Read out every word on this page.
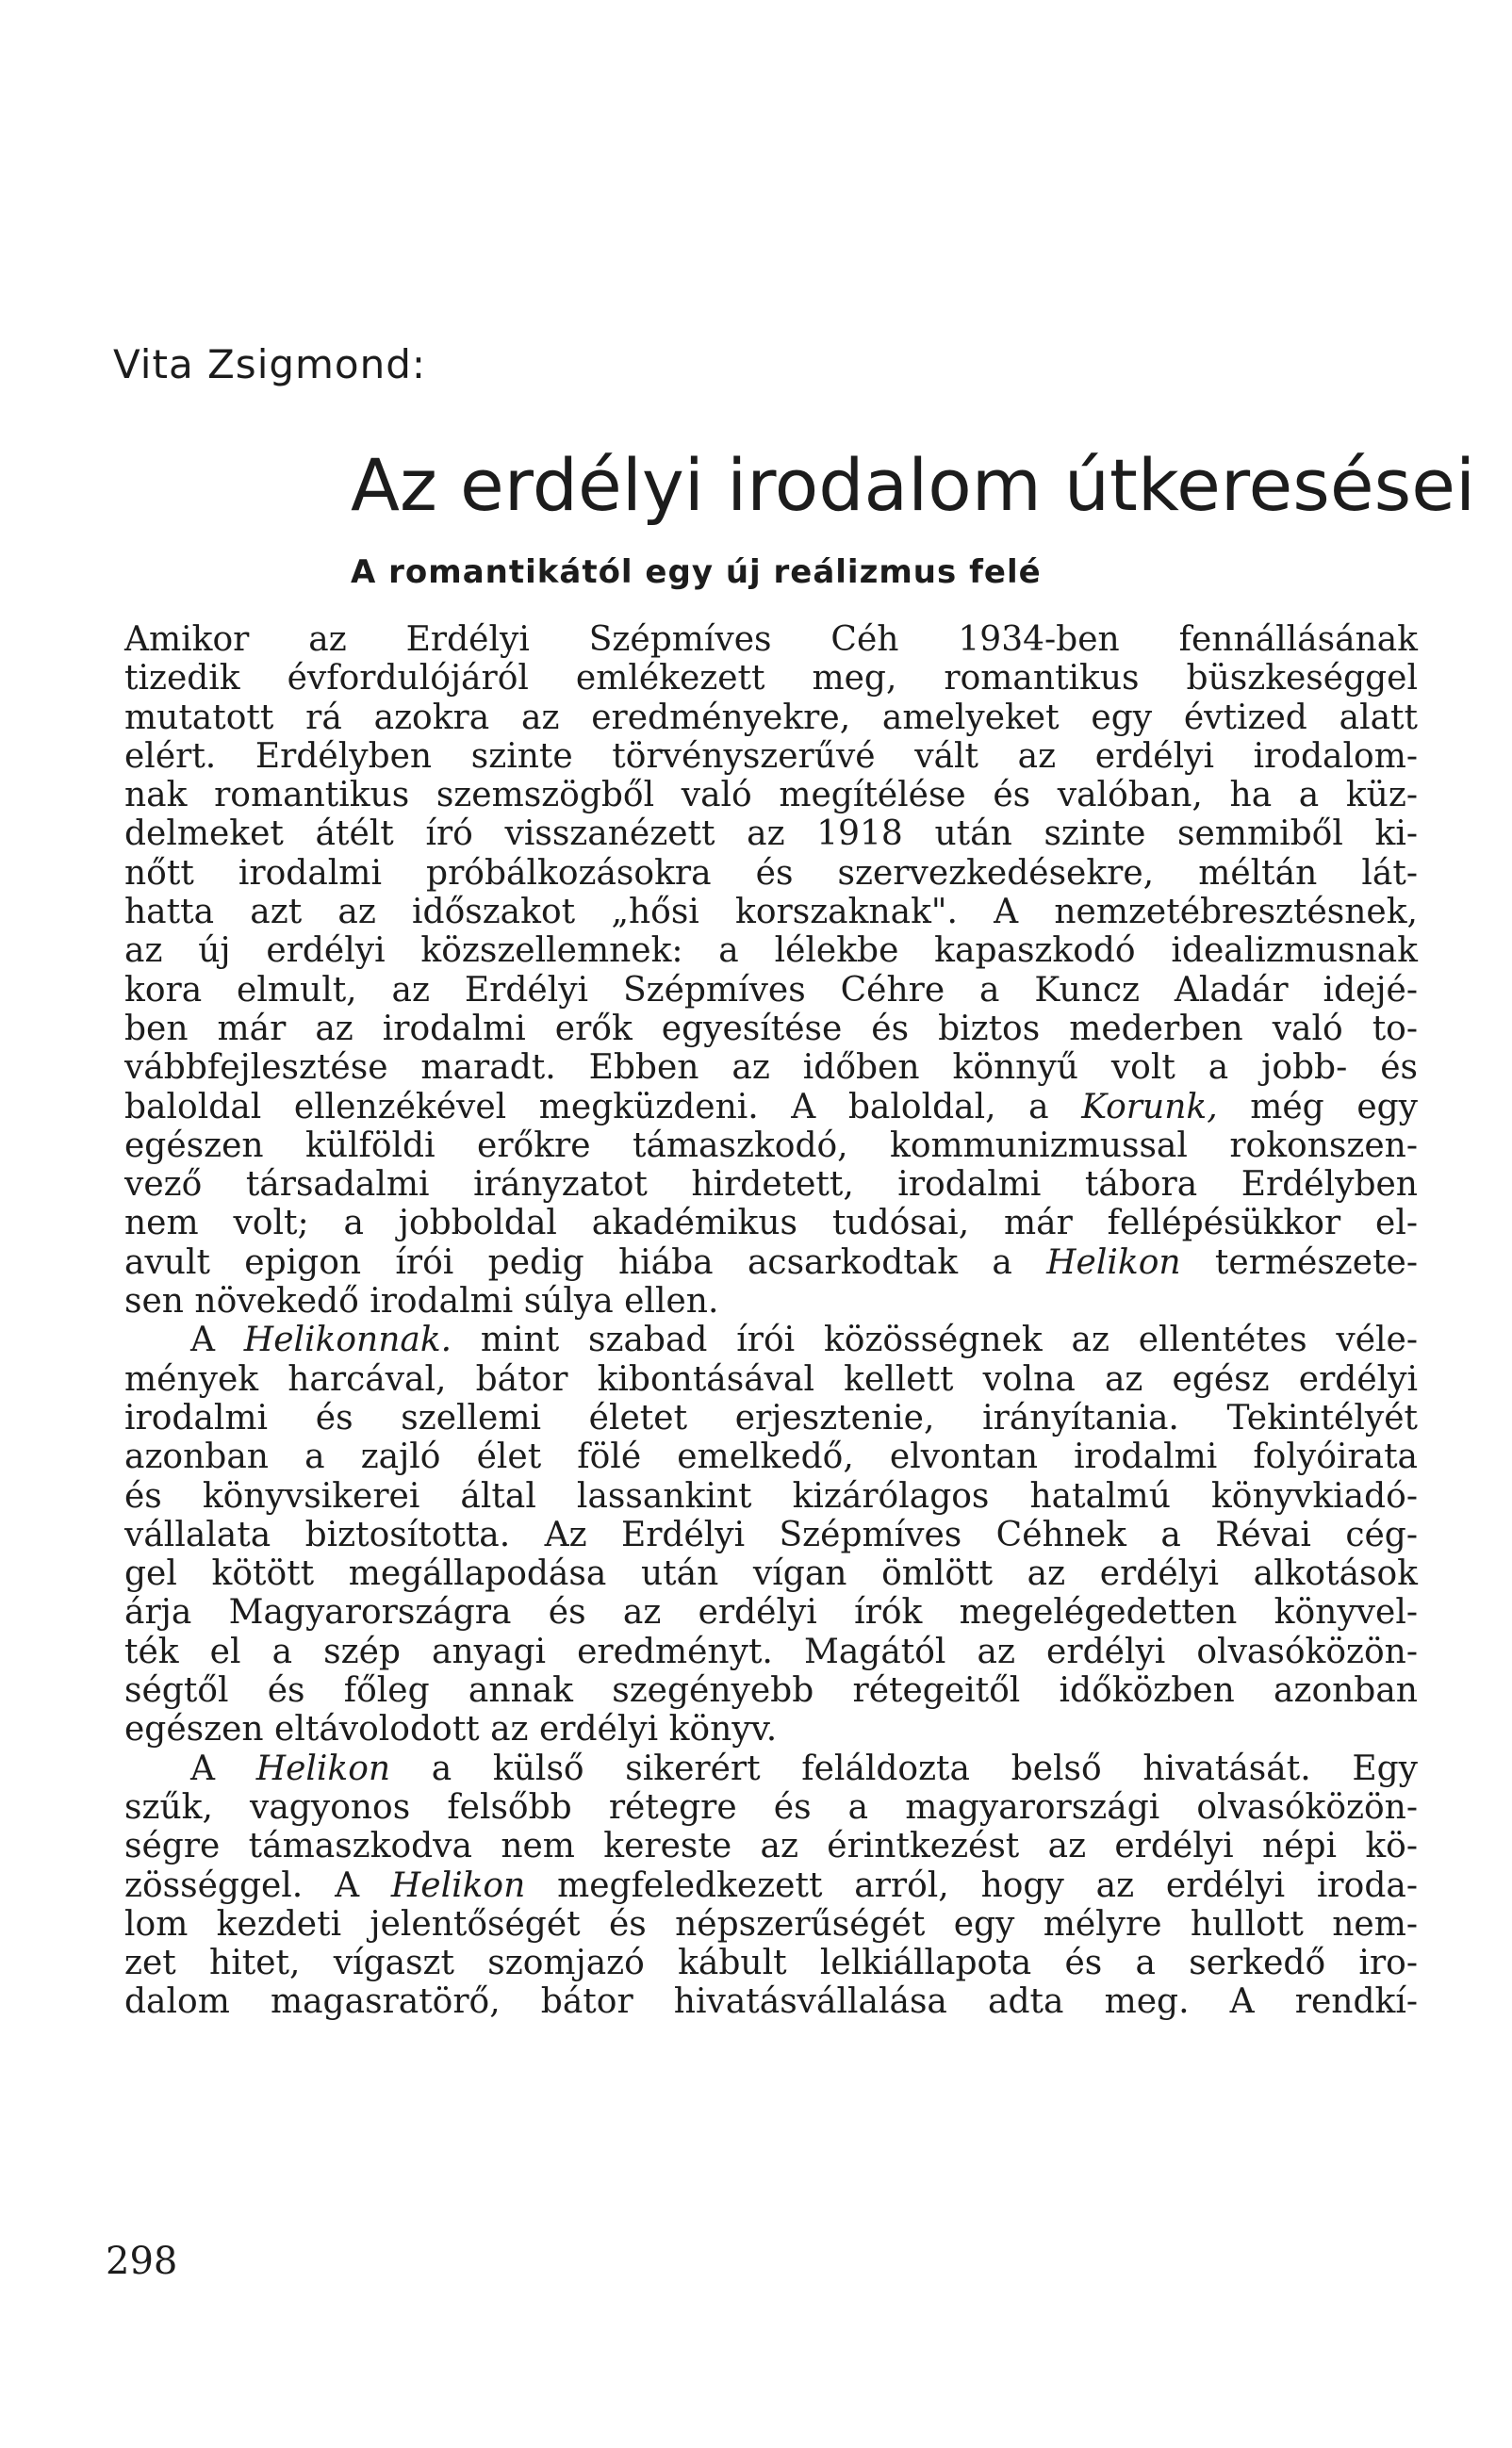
Vita Zsigmond:
Az erdélyi irodalom útkeresései
A romantikától egy új reálizmus felé
Amikor az Erdélyi Szépmíves Céh 1934-ben fennállásának
tizedik évfordulójáról emlékezett meg, romantikus büszkeséggel
mutatott rá azokra az eredményekre, amelyeket egy évtized alatt
elért. Erdélyben szinte törvényszerűvé vált az erdélyi irodalom-
nak romantikus szemszögből való megítélése és valóban, ha a küz-
delmeket átélt író visszanézett az 1918 után szinte semmiből ki-
nőtt irodalmi próbálkozásokra és szervezkedésekre, méltán lát-
hatta azt az időszakot „hősi korszaknak". A nemzetébresztésnek,
az új erdélyi közszellemnek: a lélekbe kapaszkodó idealizmusnak
kora elmult, az Erdélyi Szépmíves Céhre a Kuncz Aladár idejé-
ben már az irodalmi erők egyesítése és biztos mederben való to-
vábbfejlesztése maradt. Ebben az időben könnyű volt a jobb- és
baloldal ellenzékével megküzdeni. A baloldal, a Korunk, még egy
egészen külföldi erőkre támaszkodó, kommunizmussal rokonszen-
vező társadalmi irányzatot hirdetett, irodalmi tábora Erdélyben
nem volt; a jobboldal akadémikus tudósai, már fellépésükkor el-
avult epigon írói pedig hiába acsarkodtak a Helikon természete-
sen növekedő irodalmi súlya ellen.
A Helikonnak. mint szabad írói közösségnek az ellentétes véle-
mények harcával, bátor kibontásával kellett volna az egész erdélyi
irodalmi és szellemi életet erjesztenie, irányítania. Tekintélyét
azonban a zajló élet fölé emelkedő, elvontan irodalmi folyóirata
és könyvsikerei által lassankint kizárólagos hatalmú könyvkiadó-
vállalata biztosította. Az Erdélyi Szépmíves Céhnek a Révai cég-
gel kötött megállapodása után vígan ömlött az erdélyi alkotások
árja Magyarországra és az erdélyi írók megelégedetten könyvel-
ték el a szép anyagi eredményt. Magától az erdélyi olvasóközön-
ségtől és főleg annak szegényebb rétegeitől időközben azonban
egészen eltávolodott az erdélyi könyv.
A Helikon a külső sikerért feláldozta belső hivatását. Egy
szűk, vagyonos felsőbb rétegre és a magyarországi olvasóközön-
ségre támaszkodva nem kereste az érintkezést az erdélyi népi kö-
zösséggel. A Helikon megfeledkezett arról, hogy az erdélyi iroda-
lom kezdeti jelentőségét és népszerűségét egy mélyre hullott nem-
zet hitet, vígaszt szomjazó kábult lelkiállapota és a serkedő iro-
dalom magasratörő, bátor hivatásvállalása adta meg. A rendkí-
298
